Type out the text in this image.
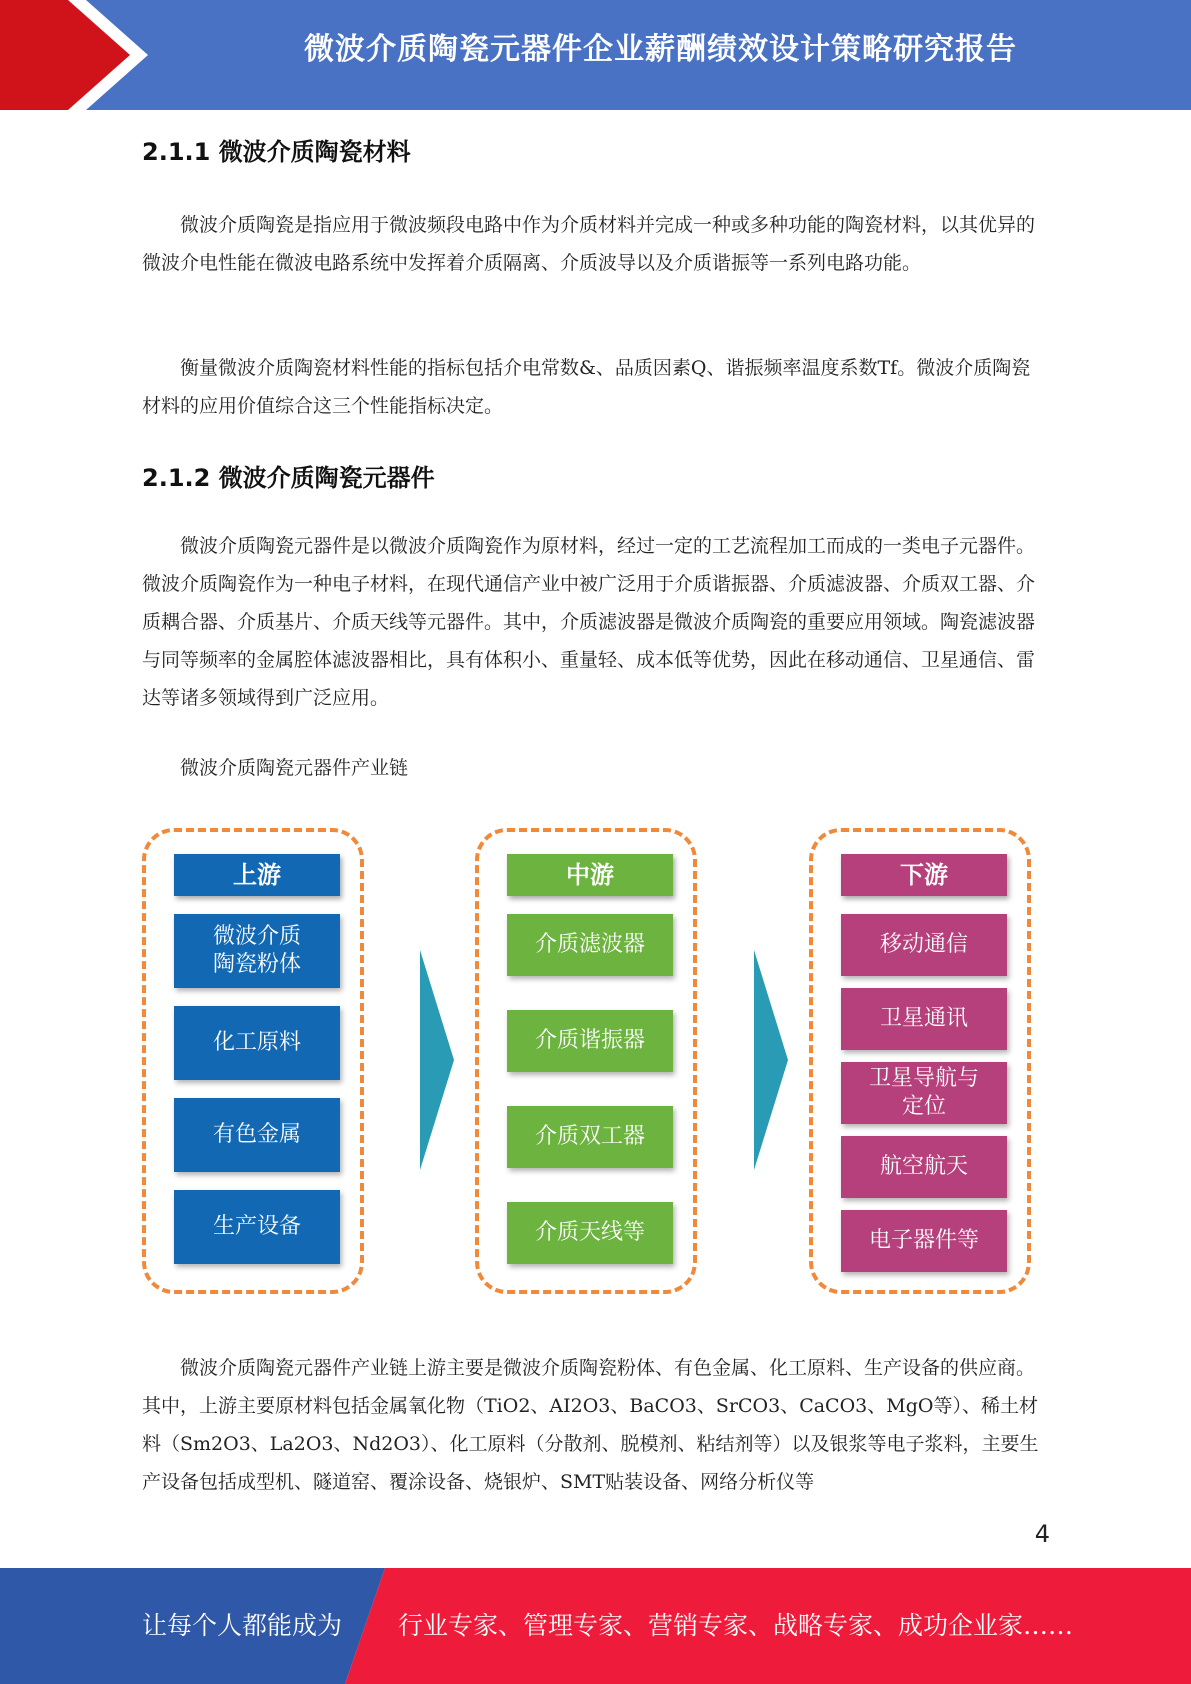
微波介质陶瓷元器件企业薪酬绩效设计策略研究报告
2.1.1 微波介质陶瓷材料

微波介质陶瓷是指应用于微波频段电路中作为介质材料并完成一种或多种功能的陶瓷材料，以其优异的微波介电性能在微波电路系统中发挥着介质隔离、介质波导以及介质谐振等一系列电路功能。

衡量微波介质陶瓷材料性能的指标包括介电常数&、品质因素Q、谐振频率温度系数Tf。微波介质陶瓷材料的应用价值综合这三个性能指标决定。

2.1.2 微波介质陶瓷元器件

微波介质陶瓷元器件是以微波介质陶瓷作为原材料，经过一定的工艺流程加工而成的一类电子元器件。微波介质陶瓷作为一种电子材料，在现代通信产业中被广泛用于介质谐振器、介质滤波器、介质双工器、介质耦合器、介质基片、介质天线等元器件。其中，介质滤波器是微波介质陶瓷的重要应用领域。陶瓷滤波器与同等频率的金属腔体滤波器相比，具有体积小、重量轻、成本低等优势，因此在移动通信、卫星通信、雷达等诸多领域得到广泛应用。

微波介质陶瓷元器件产业链
上游
微波介质
陶瓷粉体
化工原料
有色金属
生产设备
中游
介质滤波器
介质谐振器
介质双工器
介质天线等
下游
移动通信
卫星通讯
卫星导航与
定位
航空航天
电子器件等

微波介质陶瓷元器件产业链上游主要是微波介质陶瓷粉体、有色金属、化工原料、生产设备的供应商。其中，上游主要原材料包括金属氧化物（TiO2、AI2O3、BaCO3、SrCO3、CaCO3、MgO等）、稀土材料（Sm2O3、La2O3、Nd2O3）、化工原料（分散剂、脱模剂、粘结剂等）以及银浆等电子浆料，主要生产设备包括成型机、隧道窑、覆涂设备、烧银炉、SMT贴装设备、网络分析仪等

4
让每个人都能成为 行业专家、管理专家、营销专家、战略专家、成功企业家……
